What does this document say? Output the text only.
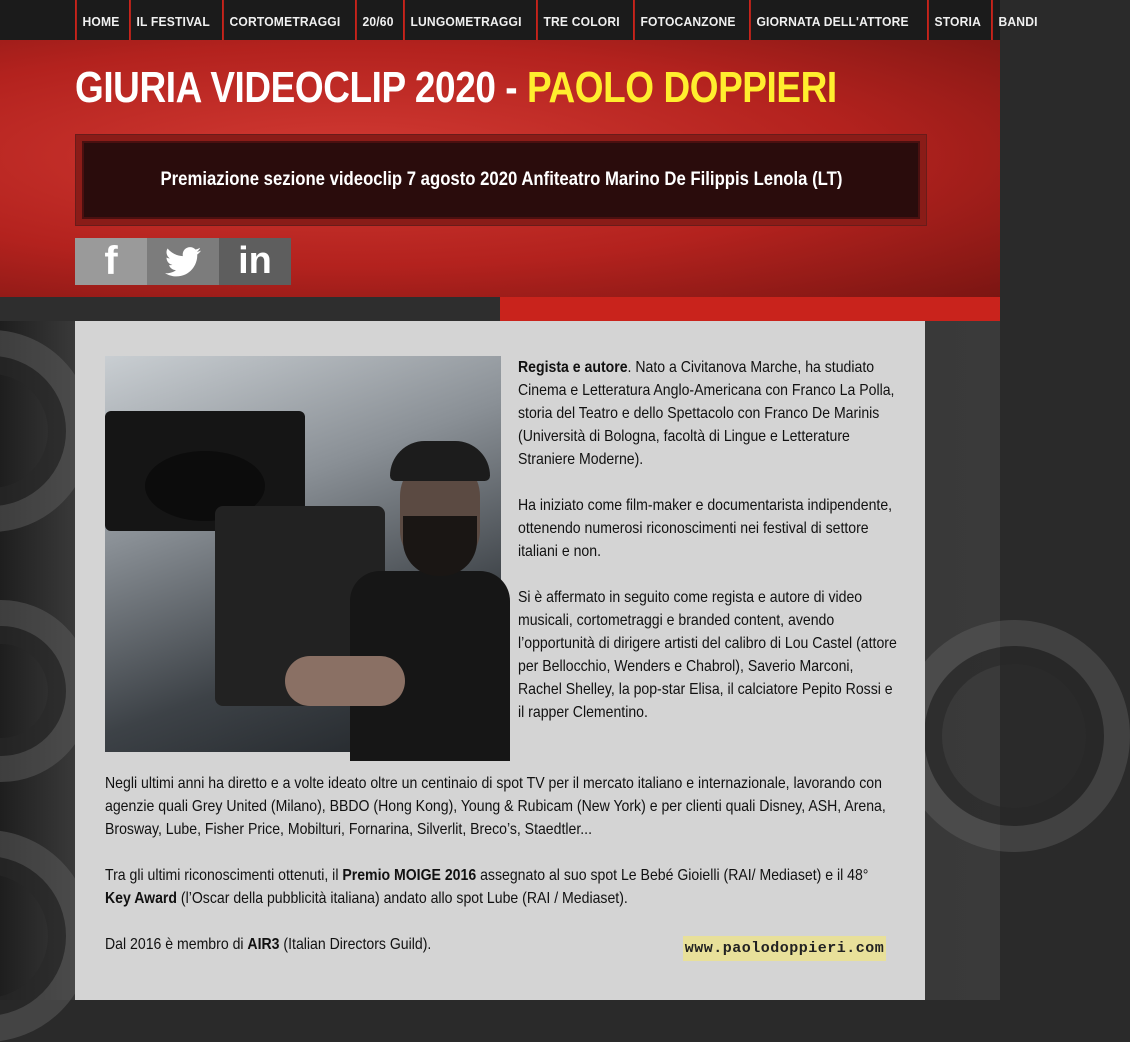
HOME	IL FESTIVAL	CORTOMETRAGGI	20/60	LUNGOMETRAGGI	TRE COLORI	FOTOCANZONE	GIORNATA DELL'ATTORE	STORIA	BANDI
GIURIA VIDEOCLIP 2020 - PAOLO DOPPIERI
Premiazione sezione videoclip 7 agosto 2020 Anfiteatro Marino De Filippis Lenola (LT)
f	in

Regista e autore. Nato a Civitanova Marche, ha studiato Cinema e Letteratura Anglo-Americana con Franco La Polla, storia del Teatro e dello Spettacolo con Franco De Marinis (Università di Bologna, facoltà di Lingue e Letterature Straniere Moderne).

Ha iniziato come film-maker e documentarista indipendente, ottenendo numerosi riconoscimenti nei festival di settore italiani e non.

Si è affermato in seguito come regista e autore di video musicali, cortometraggi e branded content, avendo l’opportunità di dirigere artisti del calibro di Lou Castel (attore per Bellocchio, Wenders e Chabrol), Saverio Marconi, Rachel Shelley, la pop-star Elisa, il calciatore Pepito Rossi e il rapper Clementino.

Negli ultimi anni ha diretto e a volte ideato oltre un centinaio di spot TV per il mercato italiano e internazionale, lavorando con agenzie quali Grey United (Milano), BBDO (Hong Kong), Young & Rubicam (New York) e per clienti quali Disney, ASH, Arena, Brosway, Lube, Fisher Price, Mobilturi, Fornarina, Silverlit, Breco’s, Staedtler...

Tra gli ultimi riconoscimenti ottenuti, il Premio MOIGE 2016 assegnato al suo spot Le Bebé Gioielli (RAI/ Mediaset) e il 48° Key Award (l’Oscar della pubblicità italiana) andato allo spot Lube (RAI / Mediaset).

Dal 2016 è membro di AIR3 (Italian Directors Guild).	www.paolodoppieri.com
